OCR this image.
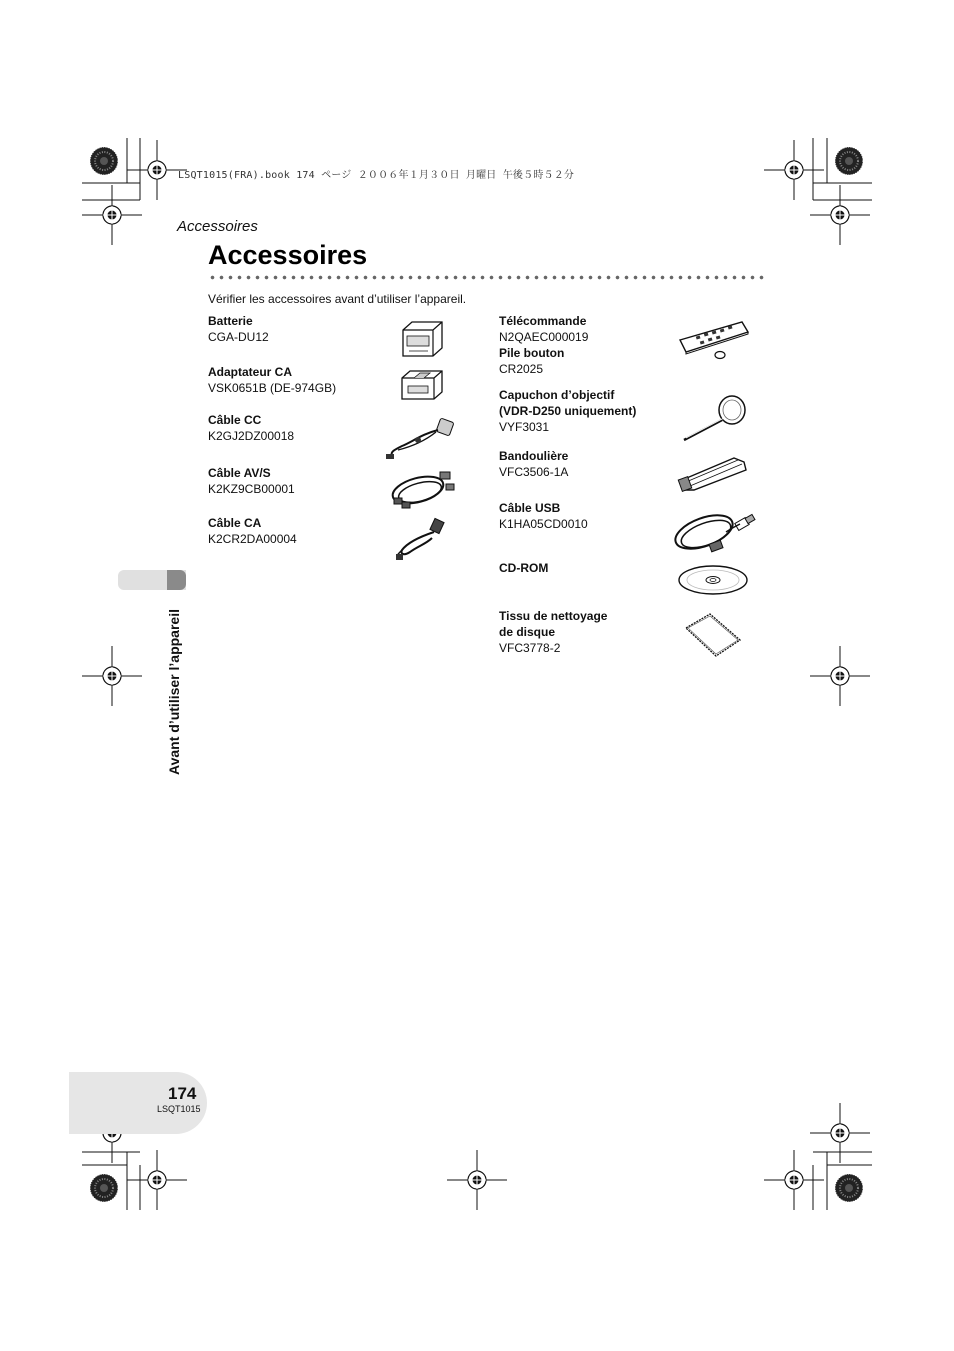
LSQT1015(FRA).book 174 ページ ２００６年１月３０日 月曜日 午後５時５２分
Accessoires
Accessoires
Vérifier les accessoires avant d’utiliser l’appareil.
Batterie
CGA-DU12
Adaptateur CA
VSK0651B (DE-974GB)
Câble CC
K2GJ2DZ00018
Câble AV/S
K2KZ9CB00001
Câble CA
K2CR2DA00004
Télécommande
N2QAEC000019
Pile bouton
CR2025
Capuchon d’objectif
(VDR-D250 uniquement)
VYF3031
Bandoulière
VFC3506-1A
Câble USB
K1HA05CD0010
CD-ROM
Tissu de nettoyage
de disque
VFC3778-2
Avant d’utiliser l’appareil
174
LSQT1015
